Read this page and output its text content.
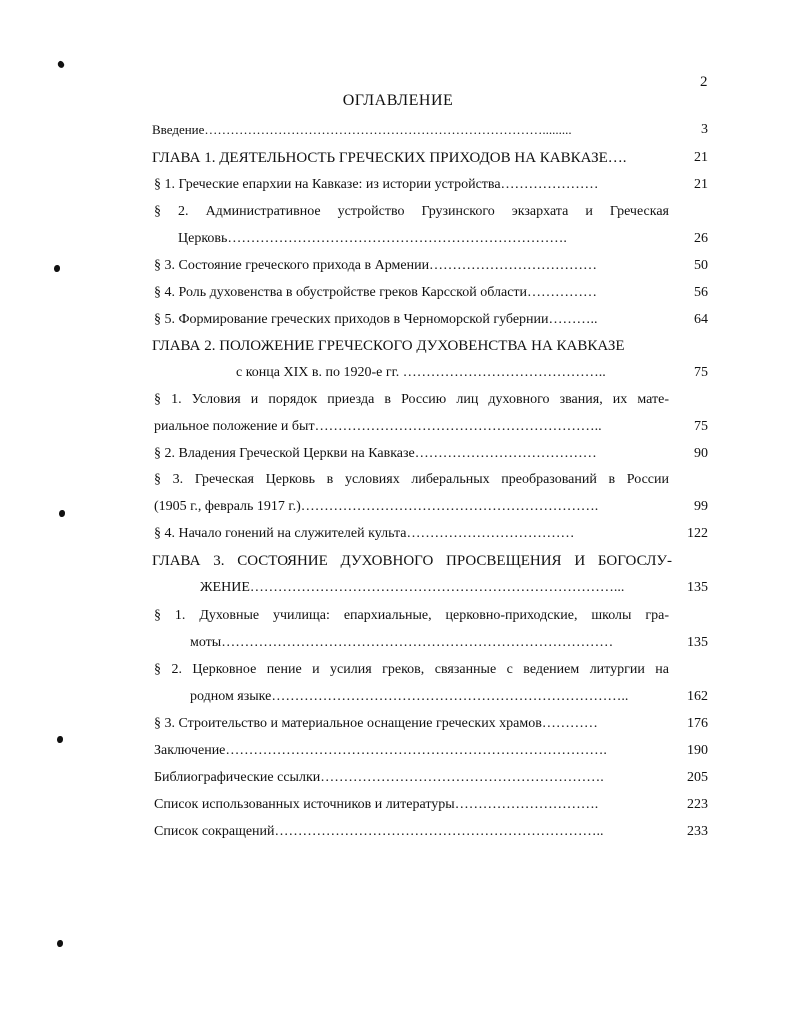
2
ОГЛАВЛЕНИЕ
Введение…………………………………………………………………….........	3
ГЛАВА 1. ДЕЯТЕЛЬНОСТЬ ГРЕЧЕСКИХ ПРИХОДОВ НА КАВКАЗЕ….	21
§ 1. Греческие епархии на Кавказе: из истории устройства…………………	21
§ 2. Административное устройство Грузинского экзархата и Греческая
Церковь……………………………………………………………….	26
§ 3. Состояние греческого прихода в Армении………………………………	50
§ 4. Роль духовенства в обустройстве греков Карсской области……………	56
§ 5. Формирование греческих приходов в Черноморской губернии………..	64
ГЛАВА 2. ПОЛОЖЕНИЕ ГРЕЧЕСКОГО ДУХОВЕНСТВА НА КАВКАЗЕ
с конца XIX в. по 1920-е гг. ……………………………………..	75
§ 1. Условия и порядок приезда в Россию лиц духовного звания, их мате-
риальное положение и быт……………………………………………………..	75
§ 2. Владения Греческой Церкви на Кавказе…………………………………	90
§ 3. Греческая Церковь в условиях либеральных преобразований в России
(1905 г., февраль 1917 г.)……………………………………………………….	99
§ 4. Начало гонений на служителей культа………………………………	122
ГЛАВА 3. СОСТОЯНИЕ ДУХОВНОГО ПРОСВЕЩЕНИЯ И БОГОСЛУ-
ЖЕНИЕ……………………………………………………………………...	135
§ 1. Духовные училища: епархиальные, церковно-приходские, школы гра-
моты…………………………………………………………………………	135
§ 2. Церковное пение и усилия греков, связанные с ведением литургии на
родном языке…………………………………………………………………..	162
§ 3. Строительство и материальное оснащение греческих храмов…………	176
Заключение……………………………………………………………………….	190
Библиографические ссылки…………………………………………………….	205
Список использованных источников и литературы………………………….	223
Список сокращений……………………………………………………………..	233
